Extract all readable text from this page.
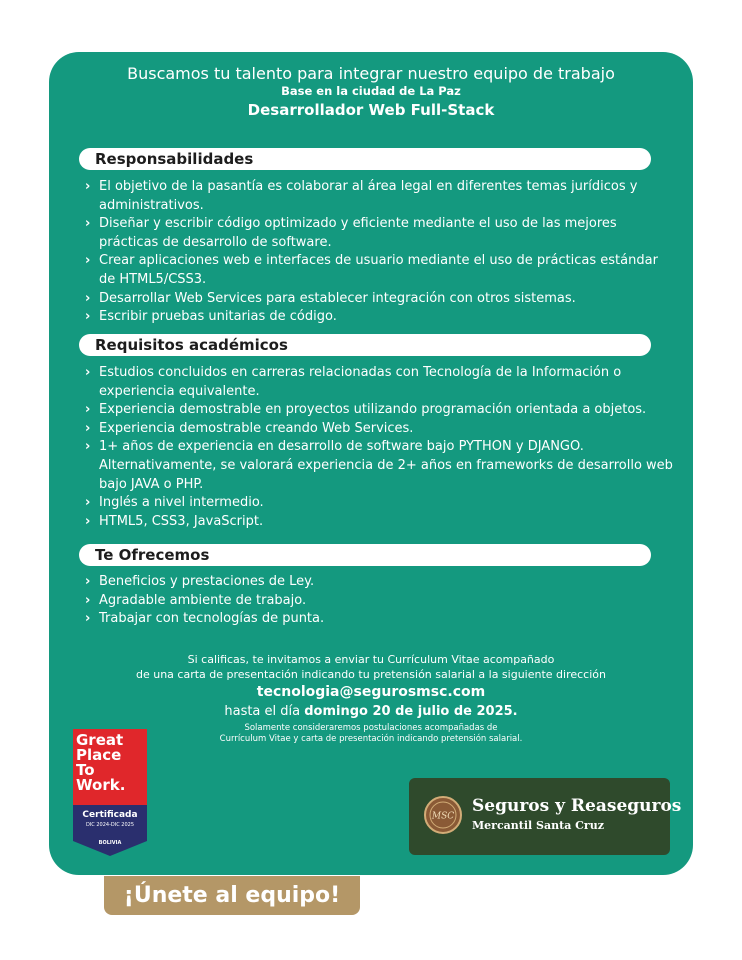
Buscamos tu talento para integrar nuestro equipo de trabajo
Base en la ciudad de La Paz
Desarrollador Web Full-Stack
Responsabilidades
› El objetivo de la pasantía es colaborar al área legal en diferentes temas jurídicos y administrativos.
› Diseñar y escribir código optimizado y eficiente mediante el uso de las mejores prácticas de desarrollo de software.
› Crear aplicaciones web e interfaces de usuario mediante el uso de prácticas estándar de HTML5/CSS3.
› Desarrollar Web Services para establecer integración con otros sistemas.
› Escribir pruebas unitarias de código.
Requisitos académicos
› Estudios concluidos en carreras relacionadas con Tecnología de la Información o experiencia equivalente.
› Experiencia demostrable en proyectos utilizando programación orientada a objetos.
› Experiencia demostrable creando Web Services.
› 1+ años de experiencia en desarrollo de software bajo PYTHON y DJANGO. Alternativamente, se valorará experiencia de 2+ años en frameworks de desarrollo web bajo JAVA o PHP.
› Inglés a nivel intermedio.
› HTML5, CSS3, JavaScript.
Te Ofrecemos
› Beneficios y prestaciones de Ley.
› Agradable ambiente de trabajo.
› Trabajar con tecnologías de punta.
Si calificas, te invitamos a enviar tu Currículum Vitae acompañado
de una carta de presentación indicando tu pretensión salarial a la siguiente dirección
tecnologia@segurosmsc.com
hasta el día domingo 20 de julio de 2025.
Solamente consideraremos postulaciones acompañadas de
Currículum Vitae y carta de presentación indicando pretensión salarial.
Great
Place
To
Work.
Certificada
DIC 2024-DIC 2025
BOLIVIA
MSC
Seguros y Reaseguros
Mercantil Santa Cruz
¡Únete al equipo!
